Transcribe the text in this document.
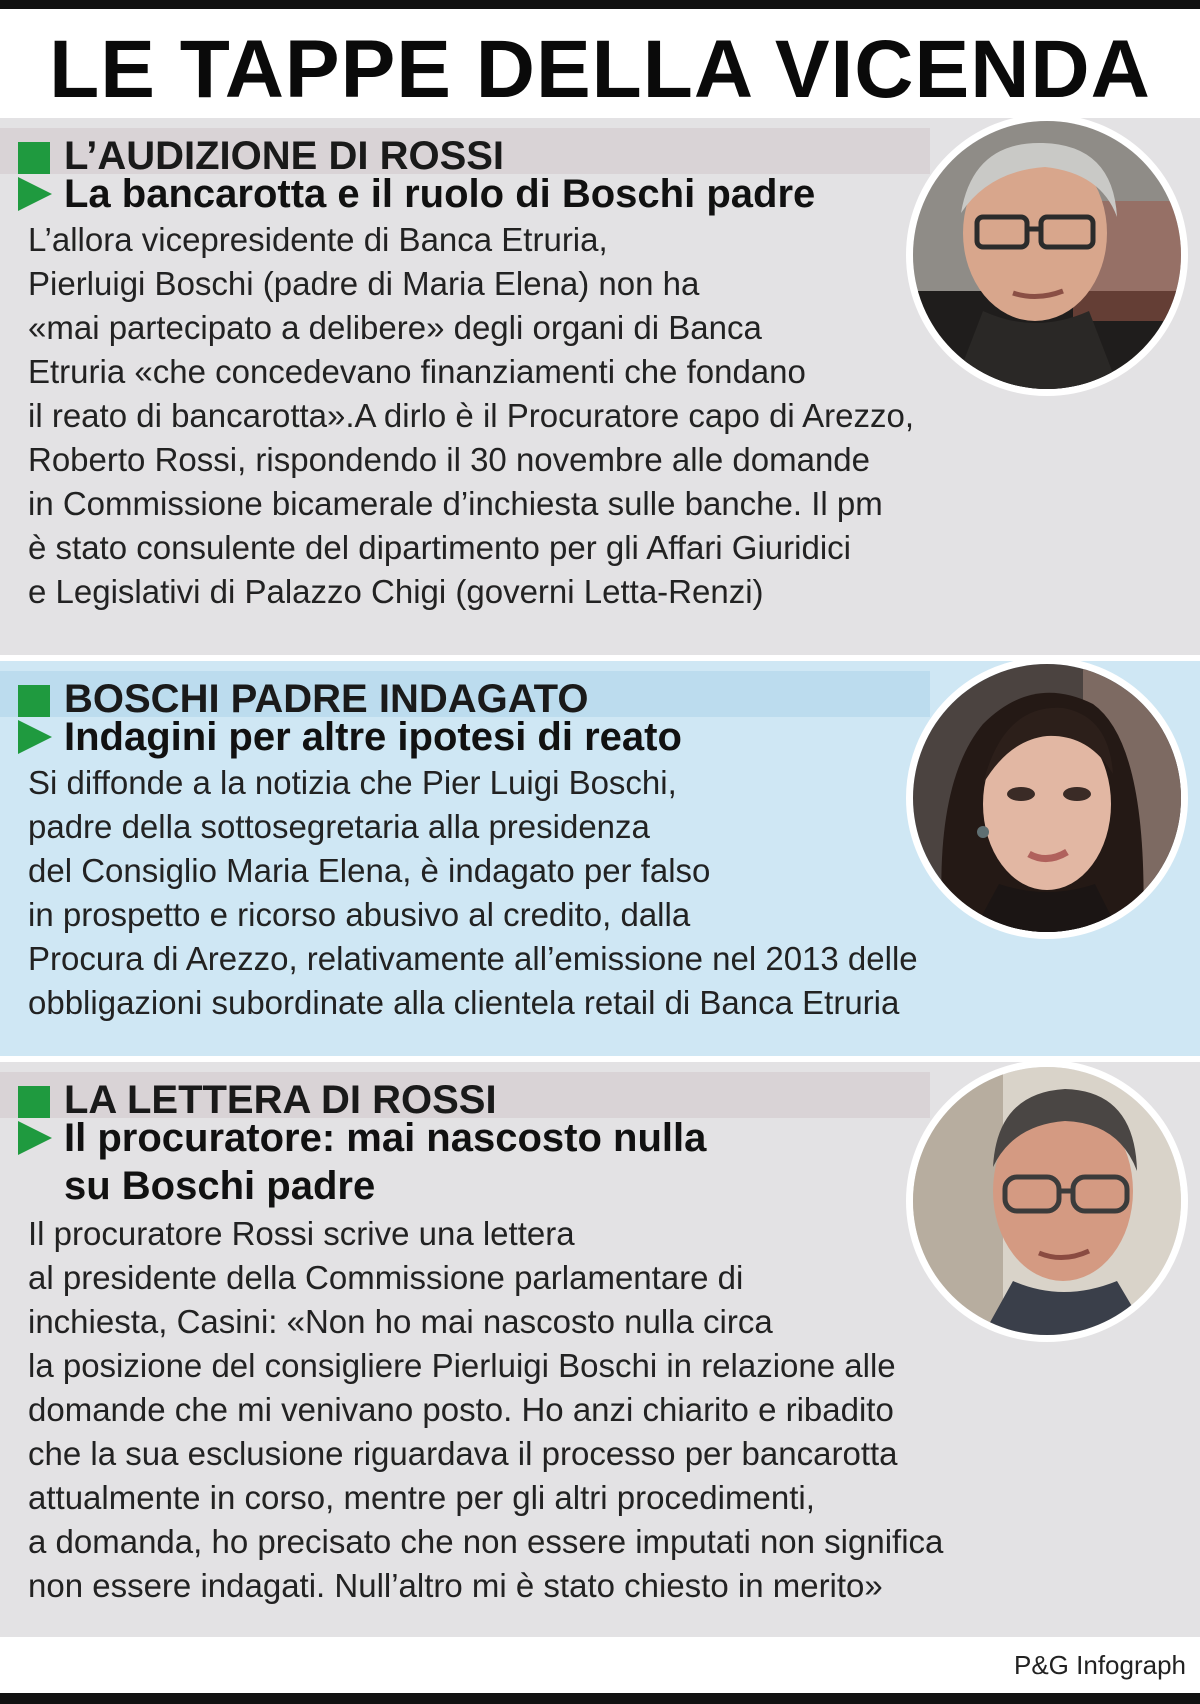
LE TAPPE DELLA VICENDA
L’AUDIZIONE DI ROSSI
La bancarotta e il ruolo di Boschi padre
L’allora vicepresidente di Banca Etruria,
Pierluigi Boschi (padre di Maria Elena) non ha
«mai partecipato a delibere» degli organi di Banca
Etruria «che concedevano finanziamenti che fondano
il reato di bancarotta».A dirlo è il Procuratore capo di Arezzo,
Roberto Rossi, rispondendo il 30 novembre alle domande
in Commissione bicamerale d’inchiesta sulle banche. Il pm
è stato consulente del dipartimento per gli Affari Giuridici
e Legislativi di Palazzo Chigi (governi Letta-Renzi)
BOSCHI PADRE INDAGATO
Indagini per altre ipotesi di reato
Si diffonde a la notizia che Pier Luigi Boschi,
padre della sottosegretaria alla presidenza
del Consiglio Maria Elena, è indagato per falso
in prospetto e ricorso abusivo al credito, dalla
Procura di Arezzo, relativamente all’emissione nel 2013 delle
obbligazioni subordinate alla clientela retail di Banca Etruria
LA LETTERA DI ROSSI
Il procuratore: mai nascosto nulla
su Boschi padre
Il procuratore Rossi scrive una lettera
al presidente della Commissione parlamentare di
inchiesta, Casini: «Non ho mai nascosto nulla circa
la posizione del consigliere Pierluigi Boschi in relazione alle
domande che mi venivano posto. Ho anzi chiarito e ribadito
che la sua esclusione riguardava il processo per bancarotta
attualmente in corso, mentre per gli altri procedimenti,
a domanda, ho precisato che non essere imputati non significa
non essere indagati. Null’altro mi è stato chiesto in merito»
P&G Infograph
